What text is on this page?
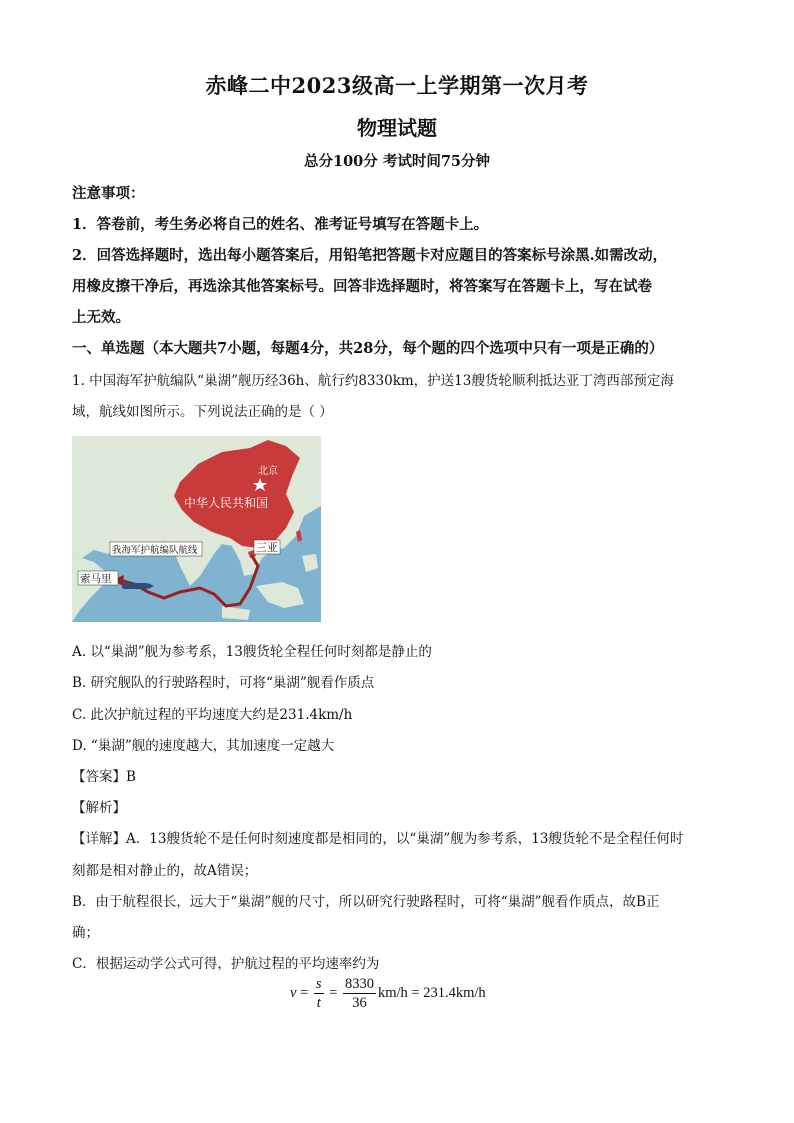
赤峰二中2023级高一上学期第一次月考
物理试题
总分100分 考试时间75分钟
注意事项：
1．答卷前，考生务必将自己的姓名、准考证号填写在答题卡上。
2．回答选择题时，选出每小题答案后，用铅笔把答题卡对应题目的答案标号涂黑.如需改动，
用橡皮擦干净后，再选涂其他答案标号。回答非选择题时，将答案写在答题卡上，写在试卷
上无效。
一、单选题（本大题共7小题，每题4分，共28分，每个题的四个选项中只有一项是正确的）
1. 中国海军护航编队“巢湖”舰历经36h、航行约8330km，护送13艘货轮顺利抵达亚丁湾西部预定海
域，航线如图所示。下列说法正确的是（ ）
北京
中华人民共和国
三亚
我海军护航编队航线
索马里
A. 以“巢湖”舰为参考系，13艘货轮全程任何时刻都是静止的
B. 研究舰队的行驶路程时，可将“巢湖”舰看作质点
C. 此次护航过程的平均速度大约是231.4km/h
D. “巢湖”舰的速度越大，其加速度一定越大
【答案】B
【解析】
【详解】A．13艘货轮不是任何时刻速度都是相同的，以“巢湖”舰为参考系，13艘货轮不是全程任何时
刻都是相对静止的，故A错误；
B．由于航程很长，远大于“巢湖”舰的尺寸，所以研究行驶路程时，可将“巢湖”舰看作质点，故B正
确；
C．根据运动学公式可得，护航过程的平均速率约为
$v = \frac{s}{t} = \frac{8330}{36} km/h = 231.4km/h$
